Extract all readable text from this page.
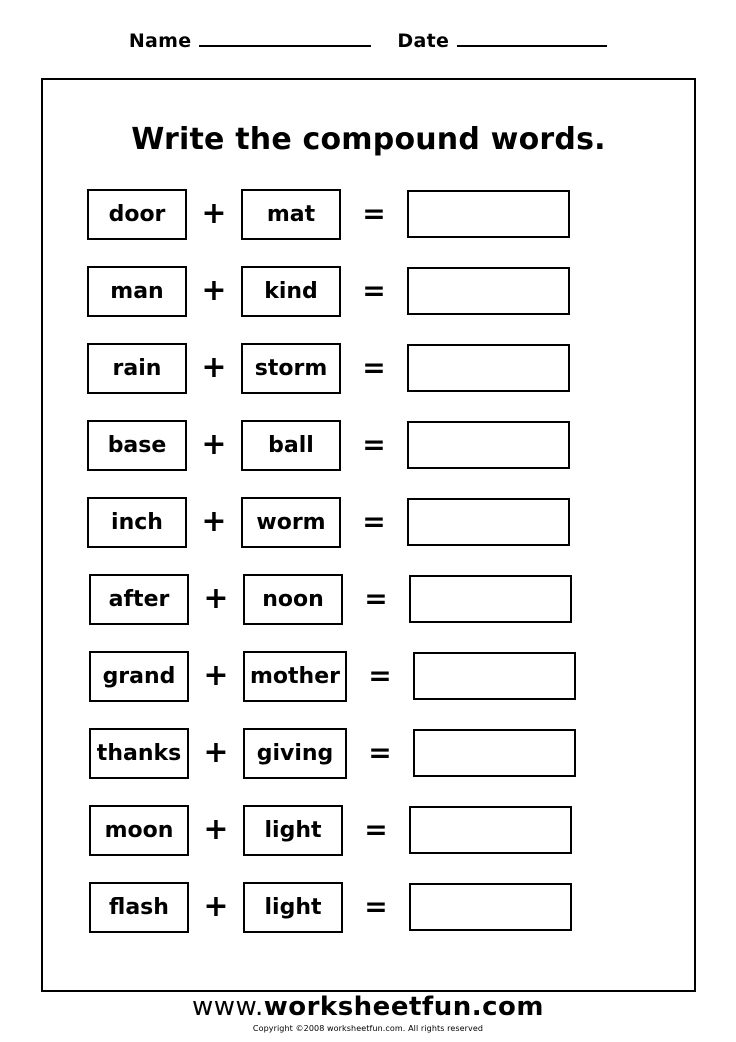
Name	Date
Write the compound words.
door	+	mat	=
man	+	kind	=
rain	+	storm	=
base	+	ball	=
inch	+	worm	=
after	+	noon	=
grand + mother	=
thanks +	giving	=
moon	+	light	=
flash	+	light	=
www.worksheetfun.com
Copyright ©2008 worksheetfun.com. All rights reserved
